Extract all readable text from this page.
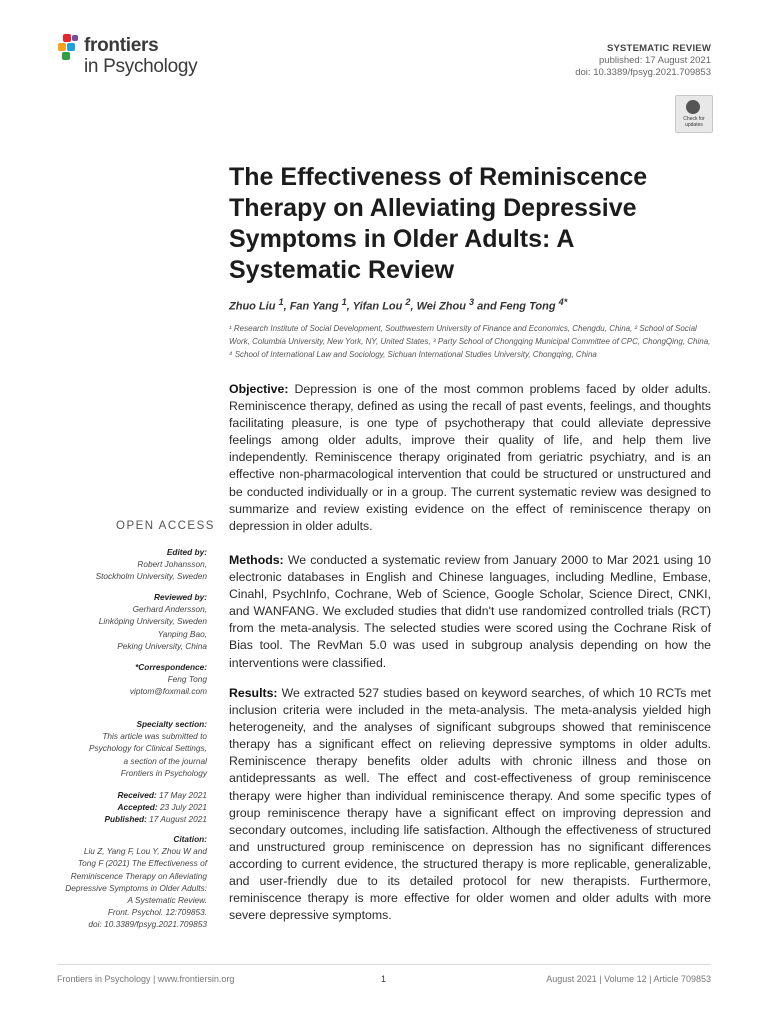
frontiers
in Psychology
SYSTEMATIC REVIEW
published: 17 August 2021
doi: 10.3389/fpsyg.2021.709853
Check for
updates
The Effectiveness of Reminiscence Therapy on Alleviating Depressive Symptoms in Older Adults: A Systematic Review
Zhuo Liu $^1$, Fan Yang $^1$, Yifan Lou $^2$, Wei Zhou $^3$ and Feng Tong $^{4*}$

¹ Research Institute of Social Development, Southwestern University of Finance and Economics, Chengdu, China, ² School of Social Work, Columbia University, New York, NY, United States, ³ Party School of Chongqing Municipal Committee of CPC, ChongQing, China, ⁴ School of International Law and Sociology, Sichuan International Studies University, Chongqing, China

OPEN ACCESS
Edited by:
Robert Johansson,
Stockholm University, Sweden
Reviewed by:
Gerhard Andersson,
Linköping University, Sweden
Yanping Bao,
Peking University, China
*Correspondence:
Feng Tong
viptom@foxmail.com
Specialty section:
This article was submitted to
Psychology for Clinical Settings,
a section of the journal
Frontiers in Psychology
Received: 17 May 2021
Accepted: 23 July 2021
Published: 17 August 2021
Citation:
Liu Z, Yang F, Lou Y, Zhou W and
Tong F (2021) The Effectiveness of
Reminiscence Therapy on Alleviating
Depressive Symptoms in Older Adults:
A Systematic Review.
Front. Psychol. 12:709853.
doi: 10.3389/fpsyg.2021.709853

Objective: Depression is one of the most common problems faced by older adults. Reminiscence therapy, defined as using the recall of past events, feelings, and thoughts facilitating pleasure, is one type of psychotherapy that could alleviate depressive feelings among older adults, improve their quality of life, and help them live independently. Reminiscence therapy originated from geriatric psychiatry, and is an effective non-pharmacological intervention that could be structured or unstructured and be conducted individually or in a group. The current systematic review was designed to summarize and review existing evidence on the effect of reminiscence therapy on depression in older adults.

Methods: We conducted a systematic review from January 2000 to Mar 2021 using 10 electronic databases in English and Chinese languages, including Medline, Embase, Cinahl, PsychInfo, Cochrane, Web of Science, Google Scholar, Science Direct, CNKI, and WANFANG. We excluded studies that didn't use randomized controlled trials (RCT) from the meta-analysis. The selected studies were scored using the Cochrane Risk of Bias tool. The RevMan 5.0 was used in subgroup analysis depending on how the interventions were classified.

Results: We extracted 527 studies based on keyword searches, of which 10 RCTs met inclusion criteria were included in the meta-analysis. The meta-analysis yielded high heterogeneity, and the analyses of significant subgroups showed that reminiscence therapy has a significant effect on relieving depressive symptoms in older adults. Reminiscence therapy benefits older adults with chronic illness and those on antidepressants as well. The effect and cost-effectiveness of group reminiscence therapy were higher than individual reminiscence therapy. And some specific types of group reminiscence therapy have a significant effect on improving depression and secondary outcomes, including life satisfaction. Although the effectiveness of structured and unstructured group reminiscence on depression has no significant differences according to current evidence, the structured therapy is more replicable, generalizable, and user-friendly due to its detailed protocol for new therapists. Furthermore, reminiscence therapy is more effective for older women and older adults with more severe depressive symptoms.

Frontiers in Psychology | www.frontiersin.org	1	August 2021 | Volume 12 | Article 709853
